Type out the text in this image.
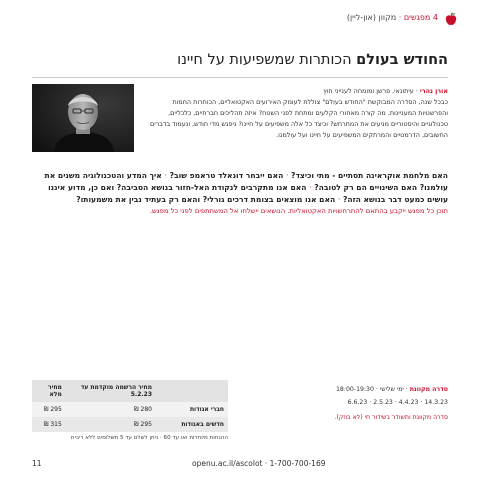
4 מפגשים · מקוון (און-ליין)
החודש בעולם הכותרות שמשפיעות על חיינו
אורן נהרי · עיתונאי, פרשן ומומחה לענייני חוץ
כבכל שנה, הסדרה המבוקשת "החודש בעולם" צוללת לעומק האירועים האקטואליים, הכותרות החמות והפרשנויות המעניינות. מה קורה מאחורי הקלעים ומתחת לפני השטח? איזה תהליכים חברתיים, כלכליים, טכנולוגיים והיסטוריים מניעים את המתרחש? וכיצד כל אלה משפיעים על חיינו? ניפגש מדי חודש, ונעמוד בדברים החשובים, הדרמטיים והמרתקים המשפיעים על חיינו ועל עולמנו.
האם מלחמת אוקראינה תסתיים - מתי וכיצד? · האם ייבחר דונאלד טראמפ שוב? · איך המדע והטכנולוגיה משנים את עולמנו? האם השינויים הם רק לטובה? · האם אנו מתקרבים לנקודת האל-חזור בנושא הסביבה? ואם כן, מדוע איננו עושים כמעט דבר בנושא הזה? · האם אנו מוצאים בצומת דרכים גורלי? והאם רק בעתיד נבין את משמעותו?
תוכן כל מפגש ייקבע בהתאם להתרחשויות האקטואליות. הנושאים יישלחו אל המשתתפים לפני כל מפגש.
סדרה מקוונת · ימי שלישי · 18:00-19:30
14.3.23 · 4.4.23 · 2.5.23 · 6.6.23
סדרה מקוונת ותשודר בשידור חי (לא בוזק).
	מחיר הרשמה מוקדמת עד 5.2.23	מחיר מלא
חברי אגודות	280 ₪	295 ₪
חדשים באגודות	295 ₪	315 ₪
ההנחות מיוחדות ואו עד 60 · ניתן לשלם עד 5 תשלומים ללא ריבית
11	openu.ac.il/ascolot · 1-700-700-169
